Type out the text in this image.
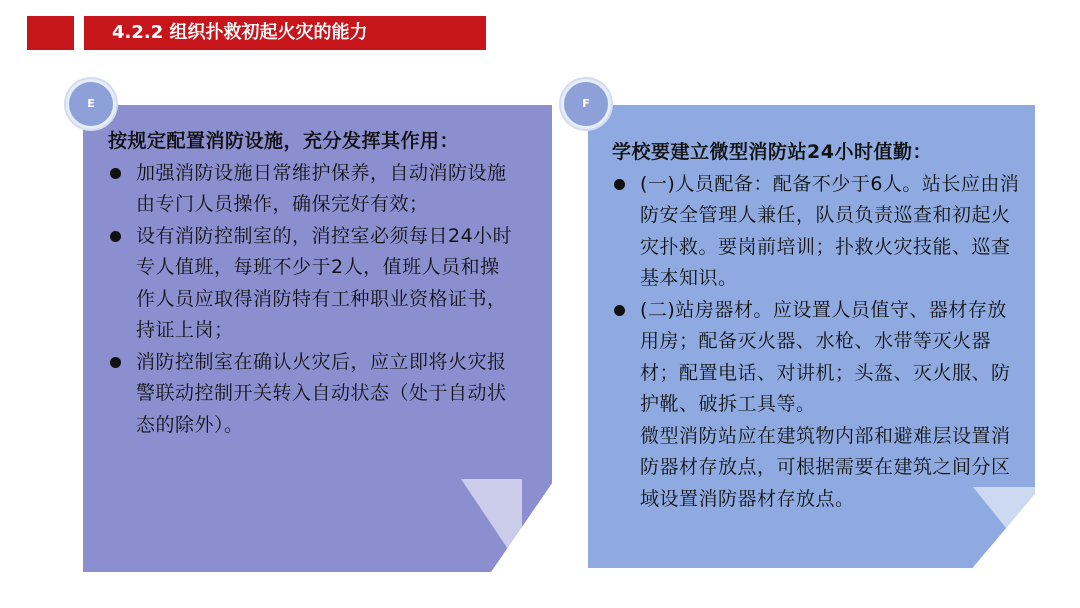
4.2.2 组织扑救初起火灾的能力
E	F

按规定配置消防设施，充分发挥其作用：

加强消防设施日常维护保养，自动消防设施由专门人员操作，确保完好有效；
设有消防控制室的，消控室必须每日24小时专人值班，每班不少于2人，值班人员和操作人员应取得消防特有工种职业资格证书，持证上岗；
消防控制室在确认火灾后，应立即将火灾报警联动控制开关转入自动状态（处于自动状态的除外）。

学校要建立微型消防站24小时值勤：

(一)人员配备：配备不少于6人。站长应由消防安全管理人兼任，队员负责巡查和初起火灾扑救。要岗前培训；扑救火灾技能、巡查基本知识。
(二)站房器材。应设置人员值守、器材存放用房；配备灭火器、水枪、水带等灭火器材；配置电话、对讲机；头盔、灭火服、防护靴、破拆工具等。
微型消防站应在建筑物内部和避难层设置消防器材存放点，可根据需要在建筑之间分区域设置消防器材存放点。
